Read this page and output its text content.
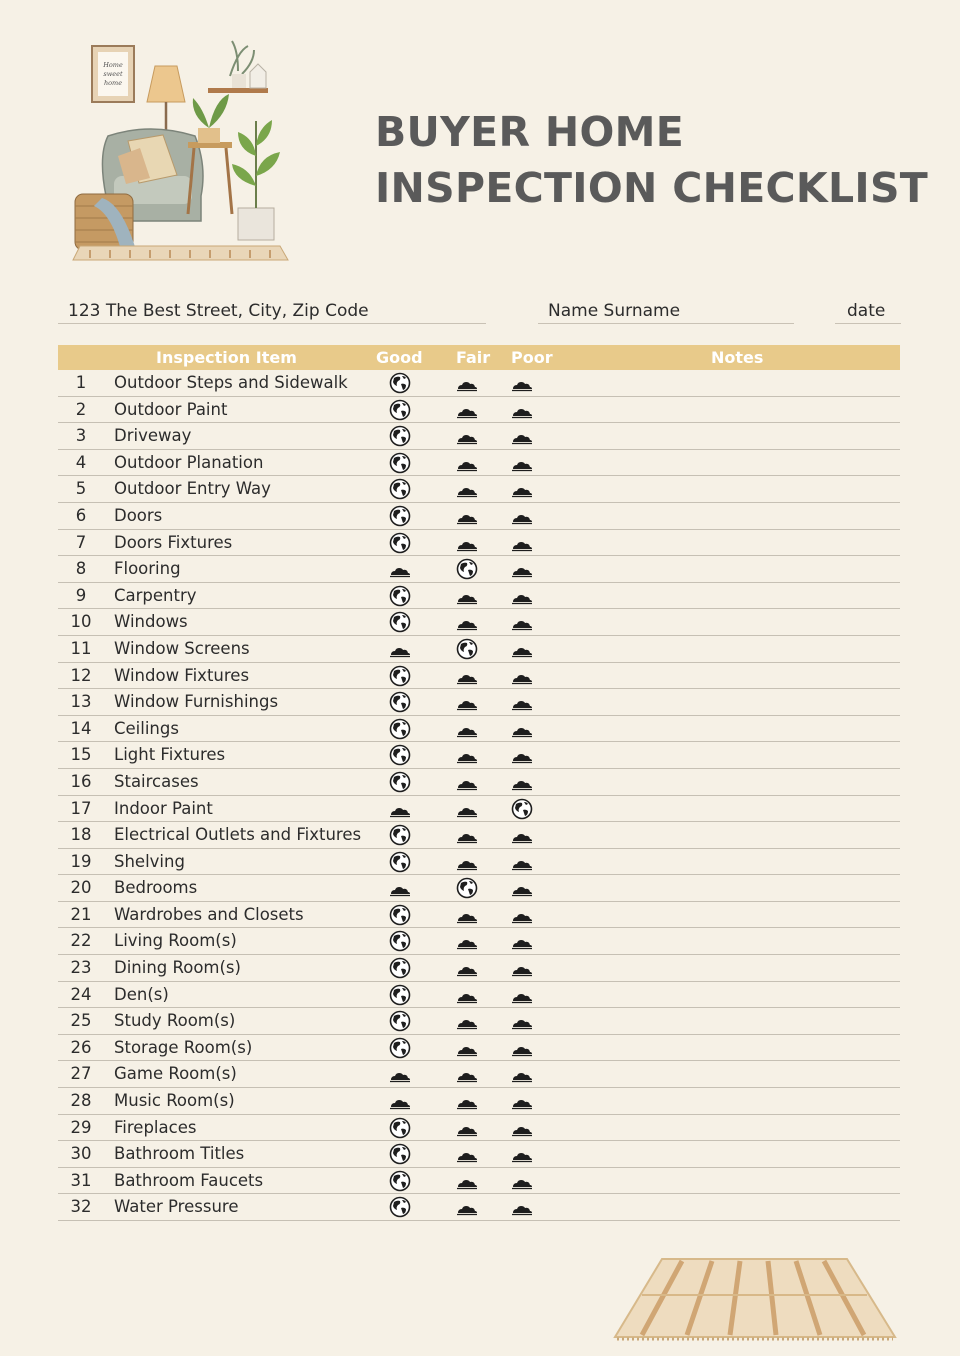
Home
sweet
home
BUYER HOME
INSPECTION CHECKLIST
123 The Best Street, City, Zip Code	Name Surname	date
Inspection Item	Good Fair Poor	Notes
1	Outdoor Steps and Sidewalk
2	Outdoor Paint
3	Driveway
4	Outdoor Planation
5	Outdoor Entry Way
6	Doors
7	Doors Fixtures
8	Flooring
9	Carpentry
10	Windows
11	Window Screens
12	Window Fixtures
13	Window Furnishings
14	Ceilings
15	Light Fixtures
16	Staircases
17	Indoor Paint
18	Electrical Outlets and Fixtures
19	Shelving
20	Bedrooms
21	Wardrobes and Closets
22	Living Room(s)
23	Dining Room(s)
24	Den(s)
25	Study Room(s)
26	Storage Room(s)
27	Game Room(s)
28	Music Room(s)
29	Fireplaces
30	Bathroom Titles
31	Bathroom Faucets
32	Water Pressure
